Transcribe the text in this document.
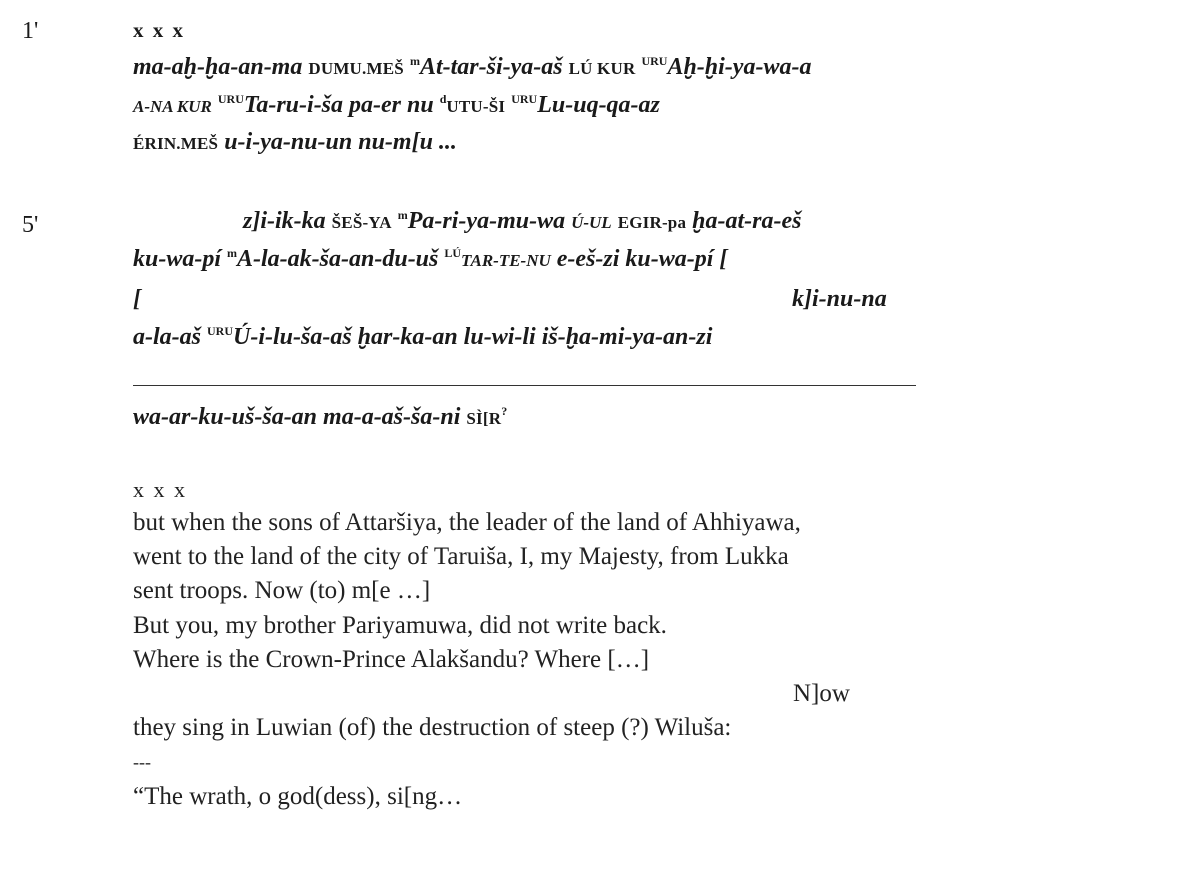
1'
5'
x x x
ma-aḫ-ḫa-an-ma DUMU.MEŠ $^m$At-tar-ši-ya-aš LÚ KUR $^{URU}$Aḫ-ḫi-ya-wa-a
A-NA KUR $^{URU}$Ta-ru-i-ša pa-er nu $^d$UTU-ŠI $^{URU}$Lu-uq-qa-az
ÉRIN.MEŠ u-i-ya-nu-un nu-m[u ...
z]i-ik-ka ŠEŠ-YA $^m$Pa-ri-ya-mu-wa Ú-UL EGIR-pa ḫa-at-ra-eš
ku-wa-pí $^m$A-la-ak-ša-an-du-uš $^{LÚ}$TAR-TE-NU e-eš-zi ku-wa-pí [
[	k]i-nu-na
a-la-aš $^{URU}$Ú-i-lu-ša-aš ḫar-ka-an lu-wi-li iš-ḫa-mi-ya-an-zi
wa-ar-ku-uš-ša-an ma-a-aš-ša-ni SÌ[R?
x x x
but when the sons of Attaršiya, the leader of the land of Ahhiyawa,
went to the land of the city of Taruiša, I, my Majesty, from Lukka
sent troops. Now (to) m[e …]
But you, my brother Pariyamuwa, did not write back.
Where is the Crown-Prince Alakšandu? Where […]
N]ow
they sing in Luwian (of) the destruction of steep (?) Wiluša:
---
“The wrath, o god(dess), si[ng…
